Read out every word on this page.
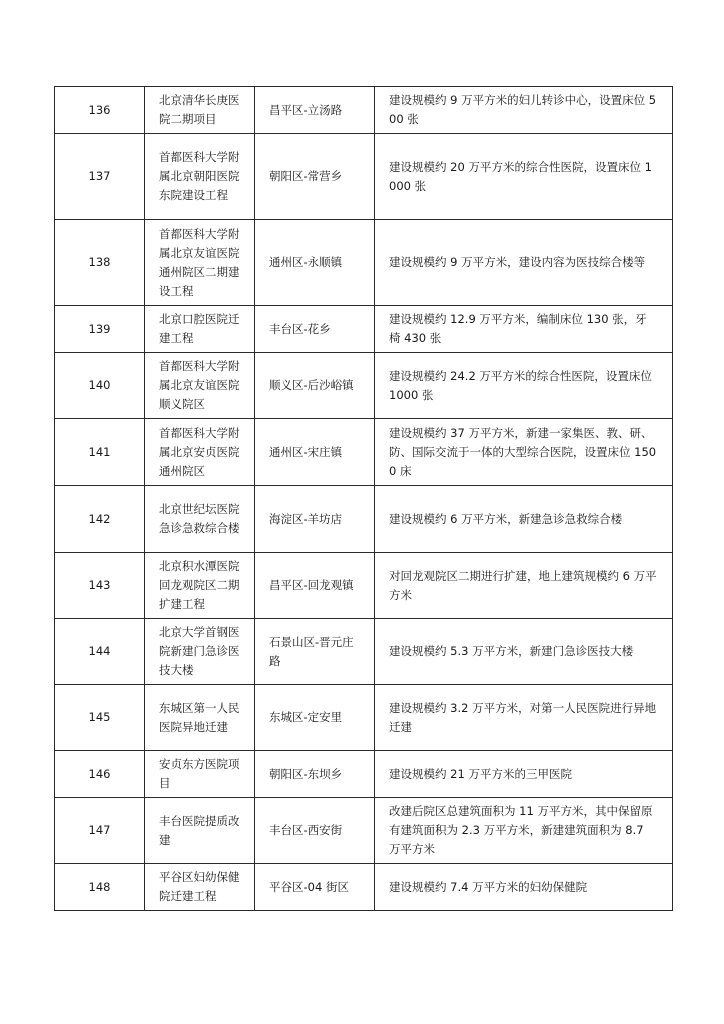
136	北京清华长庚医院二期项目	昌平区-立汤路	建设规模约 9 万平方米的妇儿转诊中心，设置床位 500 张
137	首都医科大学附属北京朝阳医院东院建设工程	朝阳区-常营乡	建设规模约 20 万平方米的综合性医院，设置床位 1000 张
138	首都医科大学附属北京友谊医院通州院区二期建设工程	通州区-永顺镇	建设规模约 9 万平方米，建设内容为医技综合楼等
139	北京口腔医院迁建工程	丰台区-花乡	建设规模约 12.9 万平方米，编制床位 130 张，牙椅 430 张
140	首都医科大学附属北京友谊医院顺义院区	顺义区-后沙峪镇	建设规模约 24.2 万平方米的综合性医院，设置床位 1000 张
141	首都医科大学附属北京安贞医院通州院区	通州区-宋庄镇	建设规模约 37 万平方米，新建一家集医、教、研、防、国际交流于一体的大型综合医院，设置床位 1500 床
142	北京世纪坛医院急诊急救综合楼	海淀区-羊坊店	建设规模约 6 万平方米，新建急诊急救综合楼
143	北京积水潭医院回龙观院区二期扩建工程	昌平区-回龙观镇	对回龙观院区二期进行扩建，地上建筑规模约 6 万平方米
144	北京大学首钢医院新建门急诊医技大楼	石景山区-晋元庄路	建设规模约 5.3 万平方米，新建门急诊医技大楼
145	东城区第一人民医院异地迁建	东城区-定安里	建设规模约 3.2 万平方米，对第一人民医院进行异地迁建
146	安贞东方医院项目	朝阳区-东坝乡	建设规模约 21 万平方米的三甲医院
147	丰台医院提质改建	丰台区-西安街	改建后院区总建筑面积为 11 万平方米，其中保留原有建筑面积为 2.3 万平方米，新建建筑面积为 8.7 万平方米
148	平谷区妇幼保健院迁建工程	平谷区-04 街区	建设规模约 7.4 万平方米的妇幼保健院
